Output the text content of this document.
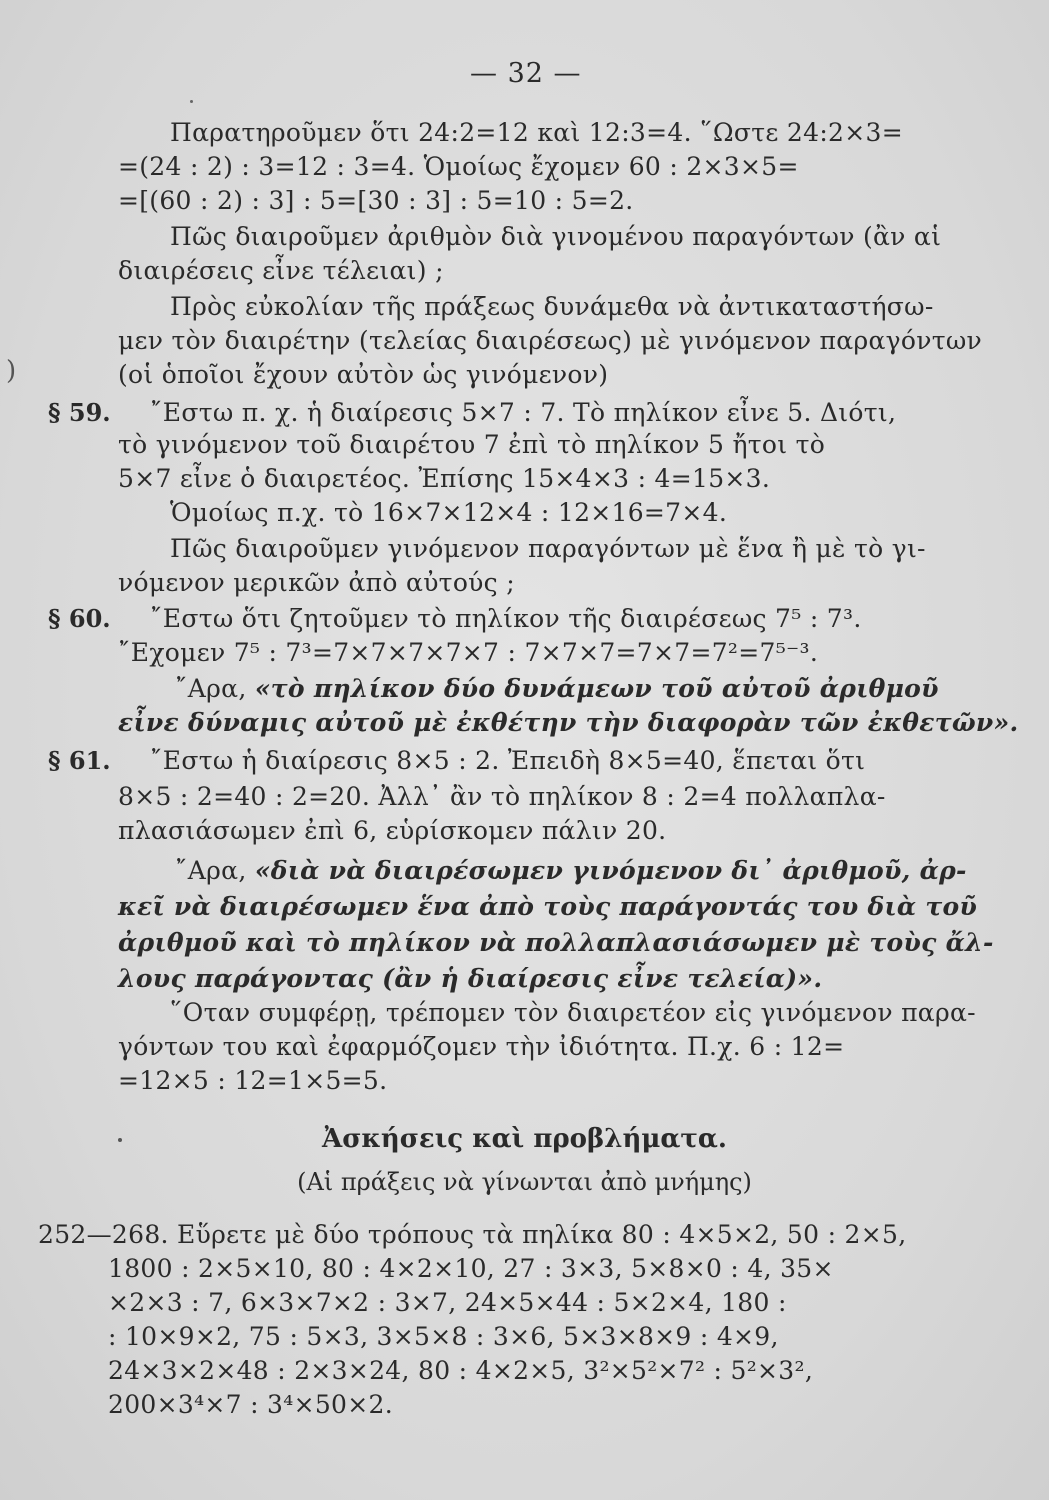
)
— 32 —
Παρατηροῦμεν ὅτι 24:2=12 καὶ 12:3=4. ῞Ωστε 24:2×3=
=(24 : 2) : 3=12 : 3=4. Ὁμοίως ἔχομεν 60 : 2×3×5=
=[(60 : 2) : 3] : 5=[30 : 3] : 5=10 : 5=2.
Πῶς διαιροῦμεν ἀριθμὸν διὰ γινομένου παραγόντων (ἂν αἱ
διαιρέσεις εἶνε τέλειαι) ;
Πρὸς εὐκολίαν τῆς πράξεως δυνάμεθα νὰ ἀντικαταστήσω-
μεν τὸν διαιρέτην (τελείας διαιρέσεως) μὲ γινόμενον παραγόντων
(οἱ ὁποῖοι ἔχουν αὐτὸν ὡς γινόμενον)
§ 59. ῎Εστω π. χ. ἡ διαίρεσις 5×7 : 7. Τὸ πηλίκον εἶνε 5. Διότι,
τὸ γινόμενον τοῦ διαιρέτου 7 ἐπὶ τὸ πηλίκον 5 ἤτοι τὸ
5×7 εἶνε ὁ διαιρετέος. Ἐπίσης 15×4×3 : 4=15×3.
Ὁμοίως π.χ. τὸ 16×7×12×4 : 12×16=7×4.
Πῶς διαιροῦμεν γινόμενον παραγόντων μὲ ἕνα ἢ μὲ τὸ γι-
νόμενον μερικῶν ἀπὸ αὐτούς ;
§ 60. ῎Εστω ὅτι ζητοῦμεν τὸ πηλίκον τῆς διαιρέσεως 7⁵ : 7³.
῎Εχομεν 7⁵ : 7³=7×7×7×7×7 : 7×7×7=7×7=7²=7⁵⁻³.
῎Αρα, «τὸ πηλίκον δύο δυνάμεων τοῦ αὐτοῦ ἀριθμοῦ
εἶνε δύναμις αὐτοῦ μὲ ἐκθέτην τὴν διαφορὰν τῶν ἐκθετῶν».
§ 61. ῎Εστω ἡ διαίρεσις 8×5 : 2. Ἐπειδὴ 8×5=40, ἕπεται ὅτι
8×5 : 2=40 : 2=20. Ἀλλ᾿ ἂν τὸ πηλίκον 8 : 2=4 πολλαπλα-
πλασιάσωμεν ἐπὶ 6, εὑρίσκομεν πάλιν 20.
῎Αρα, «διὰ νὰ διαιρέσωμεν γινόμενον δι᾿ ἀριθμοῦ, ἀρ-
κεῖ νὰ διαιρέσωμεν ἕνα ἀπὸ τοὺς παράγοντάς του διὰ τοῦ
ἀριθμοῦ καὶ τὸ πηλίκον νὰ πολλαπλασιάσωμεν μὲ τοὺς ἄλ-
λους παράγοντας (ἂν ἡ διαίρεσις εἶνε τελεία)».
῞Οταν συμφέρῃ, τρέπομεν τὸν διαιρετέον εἰς γινόμενον παρα-
γόντων του καὶ ἐφαρμόζομεν τὴν ἰδιότητα. Π.χ. 6 : 12=
=12×5 : 12=1×5=5.
Ἀσκήσεις καὶ προβλήματα.
(Αἱ πράξεις νὰ γίνωνται ἀπὸ μνήμης)
252—268. Εὕρετε μὲ δύο τρόπους τὰ πηλίκα 80 : 4×5×2, 50 : 2×5,
1800 : 2×5×10, 80 : 4×2×10, 27 : 3×3, 5×8×0 : 4, 35×
×2×3 : 7, 6×3×7×2 : 3×7, 24×5×44 : 5×2×4, 180 :
: 10×9×2, 75 : 5×3, 3×5×8 : 3×6, 5×3×8×9 : 4×9,
24×3×2×48 : 2×3×24, 80 : 4×2×5, 3²×5²×7² : 5²×3²,
200×3⁴×7 : 3⁴×50×2.
